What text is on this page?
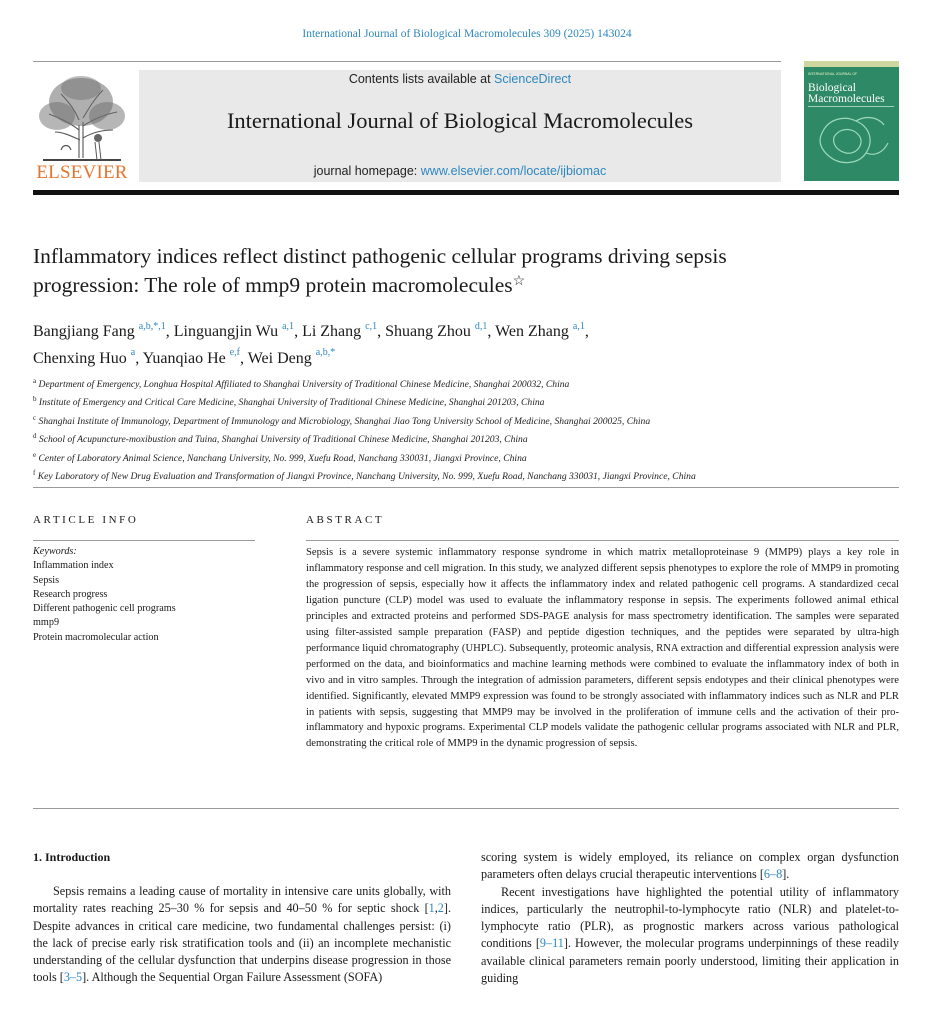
International Journal of Biological Macromolecules 309 (2025) 143024
ELSEVIER
Contents lists available at ScienceDirect
International Journal of Biological Macromolecules
journal homepage: www.elsevier.com/locate/ijbiomac
INTERNATIONAL JOURNAL OF
Biological
Macromolecules
Inflammatory indices reflect distinct pathogenic cellular programs driving sepsis progression: The role of mmp9 protein macromolecules☆
Bangjiang Fang $^{a,b,*,1}$, Linguangjin Wu $^{a,1}$, Li Zhang $^{c,1}$, Shuang Zhou $^{d,1}$, Wen Zhang $^{a,1}$,
Chenxing Huo $^a$, Yuanqiao He $^{e,f}$, Wei Deng $^{a,b,*}$

$^a$ Department of Emergency, Longhua Hospital Affiliated to Shanghai University of Traditional Chinese Medicine, Shanghai 200032, China

$^b$ Institute of Emergency and Critical Care Medicine, Shanghai University of Traditional Chinese Medicine, Shanghai 201203, China

$^c$ Shanghai Institute of Immunology, Department of Immunology and Microbiology, Shanghai Jiao Tong University School of Medicine, Shanghai 200025, China

$^d$ School of Acupuncture-moxibustion and Tuina, Shanghai University of Traditional Chinese Medicine, Shanghai 201203, China

$^e$ Center of Laboratory Animal Science, Nanchang University, No. 999, Xuefu Road, Nanchang 330031, Jiangxi Province, China

$^f$ Key Laboratory of New Drug Evaluation and Transformation of Jiangxi Province, Nanchang University, No. 999, Xuefu Road, Nanchang 330031, Jiangxi Province, China

ARTICLE INFO
Keywords:
Inflammation index
Sepsis
Research progress
Different pathogenic cell programs
mmp9
Protein macromolecular action
ABSTRACT

Sepsis is a severe systemic inflammatory response syndrome in which matrix metalloproteinase 9 (MMP9) plays a key role in inflammatory response and cell migration. In this study, we analyzed different sepsis phenotypes to explore the role of MMP9 in promoting the progression of sepsis, especially how it affects the inflammatory index and related pathogenic cell programs. A standardized cecal ligation puncture (CLP) model was used to evaluate the inflammatory response in sepsis. The experiments followed animal ethical principles and extracted proteins and performed SDS-PAGE analysis for mass spectrometry identification. The samples were separated using filter-assisted sample preparation (FASP) and peptide digestion techniques, and the peptides were separated by ultra-high performance liquid chromatography (UHPLC). Subsequently, proteomic analysis, RNA extraction and differential expression analysis were performed on the data, and bioinformatics and machine learning methods were combined to evaluate the inflammatory index of both in vivo and in vitro samples. Through the integration of admission parameters, different sepsis endotypes and their clinical phenotypes were identified. Significantly, elevated MMP9 expression was found to be strongly associated with inflammatory indices such as NLR and PLR in patients with sepsis, suggesting that MMP9 may be involved in the proliferation of immune cells and the activation of their pro-inflammatory and hypoxic programs. Experimental CLP models validate the pathogenic cellular programs associated with NLR and PLR, demonstrating the critical role of MMP9 in the dynamic progression of sepsis.

1. Introduction

Sepsis remains a leading cause of mortality in intensive care units globally, with mortality rates reaching 25–30 % for sepsis and 40–50 % for septic shock [1,2]. Despite advances in critical care medicine, two fundamental challenges persist: (i) the lack of precise early risk stratification tools and (ii) an incomplete mechanistic understanding of the cellular dysfunction that underpins disease progression in those tools [3–5]. Although the Sequential Organ Failure Assessment (SOFA)

scoring system is widely employed, its reliance on complex organ dysfunction parameters often delays crucial therapeutic interventions [6–8].

Recent investigations have highlighted the potential utility of inflammatory indices, particularly the neutrophil-to-lymphocyte ratio (NLR) and platelet-to-lymphocyte ratio (PLR), as prognostic markers across various pathological conditions [9–11]. However, the molecular programs underpinnings of these readily available clinical parameters remain poorly understood, limiting their application in guiding
